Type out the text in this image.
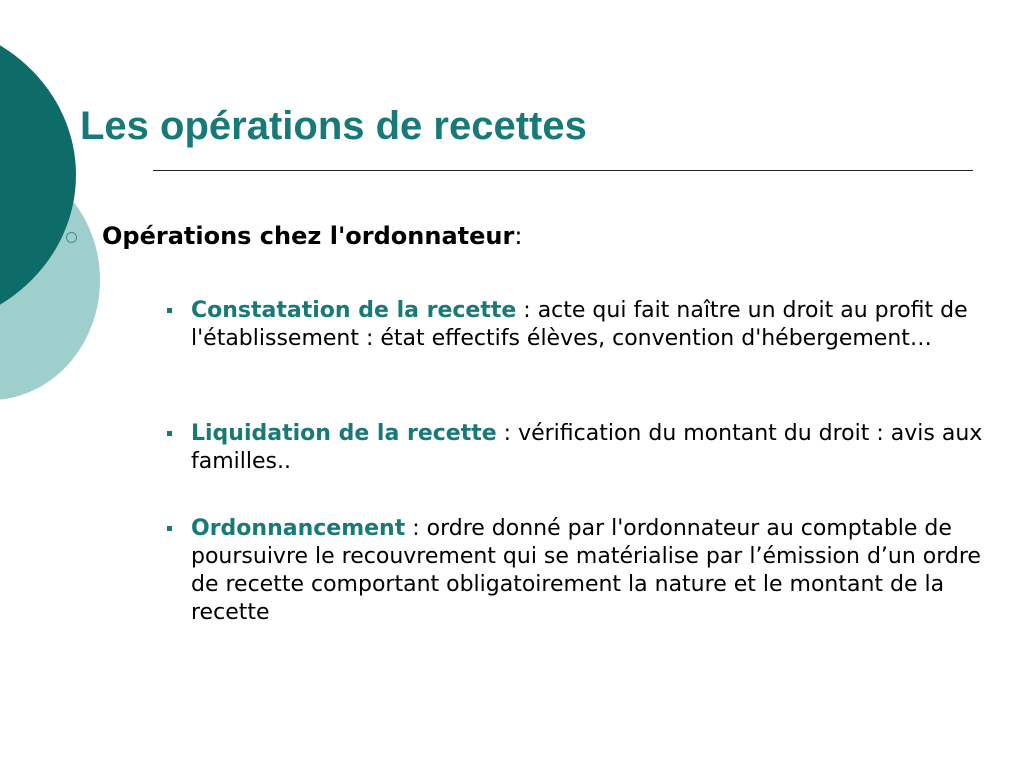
Les opérations de recettes
Opérations chez l'ordonnateur:
Constatation de la recette : acte qui fait naître un droit au profit de l'établissement : état effectifs élèves, convention d'hébergement…
Liquidation de la recette : vérification du montant du droit : avis aux familles..
Ordonnancement : ordre donné par l'ordonnateur au comptable de poursuivre le recouvrement qui se matérialise par l’émission d’un ordre de recette comportant obligatoirement la nature et le montant de la recette
